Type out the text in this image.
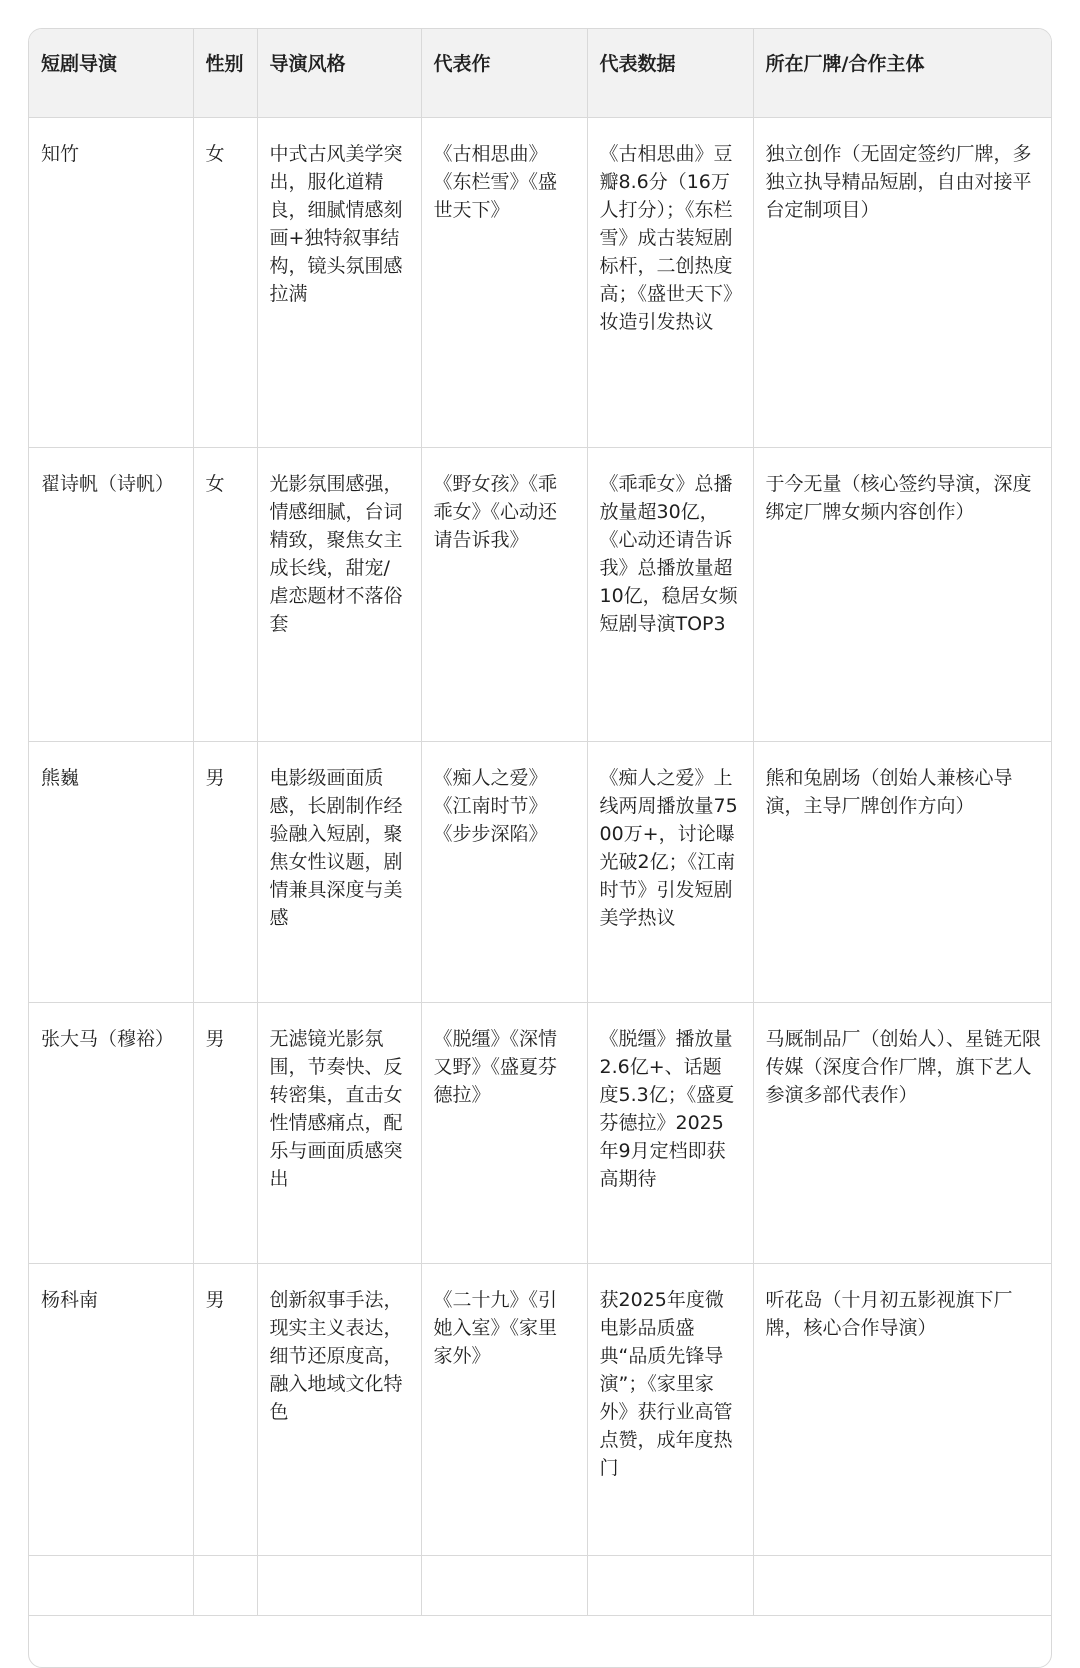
短剧导演	性别	导演风格	代表作	代表数据	所在厂牌/合作主体
知竹	女	中式古风美学突出，服化道精良，细腻情感刻画+独特叙事结构，镜头氛围感拉满	《古相思曲》《东栏雪》《盛世天下》	《古相思曲》豆瓣8.6分（16万人打分）；《东栏雪》成古装短剧标杆，二创热度高；《盛世天下》妆造引发热议	独立创作（无固定签约厂牌，多独立执导精品短剧，自由对接平台定制项目）
翟诗帆（诗帆）	女	光影氛围感强，情感细腻，台词精致，聚焦女主成长线，甜宠/虐恋题材不落俗套	《野女孩》《乖乖女》《心动还请告诉我》	《乖乖女》总播放量超30亿，《心动还请告诉我》总播放量超10亿，稳居女频短剧导演TOP3	于今无量（核心签约导演，深度绑定厂牌女频内容创作）
熊巍	男	电影级画面质感，长剧制作经验融入短剧，聚焦女性议题，剧情兼具深度与美感	《痴人之爱》《江南时节》《步步深陷》	《痴人之爱》上线两周播放量7500万+，讨论曝光破2亿；《江南时节》引发短剧美学热议	熊和兔剧场（创始人兼核心导演，主导厂牌创作方向）
张大马（穆裕）	男	无滤镜光影氛围，节奏快、反转密集，直击女性情感痛点，配乐与画面质感突出	《脱缰》《深情又野》《盛夏芬德拉》	《脱缰》播放量2.6亿+、话题度5.3亿；《盛夏芬德拉》2025年9月定档即获高期待	马厩制品厂（创始人）、星链无限传媒（深度合作厂牌，旗下艺人参演多部代表作）
杨科南	男	创新叙事手法，现实主义表达，细节还原度高，融入地域文化特色	《二十九》《引她入室》《家里家外》	获2025年度微电影品质盛典“品质先锋导演”；《家里家外》获行业高管点赞，成年度热门	听花岛（十月初五影视旗下厂牌，核心合作导演）
